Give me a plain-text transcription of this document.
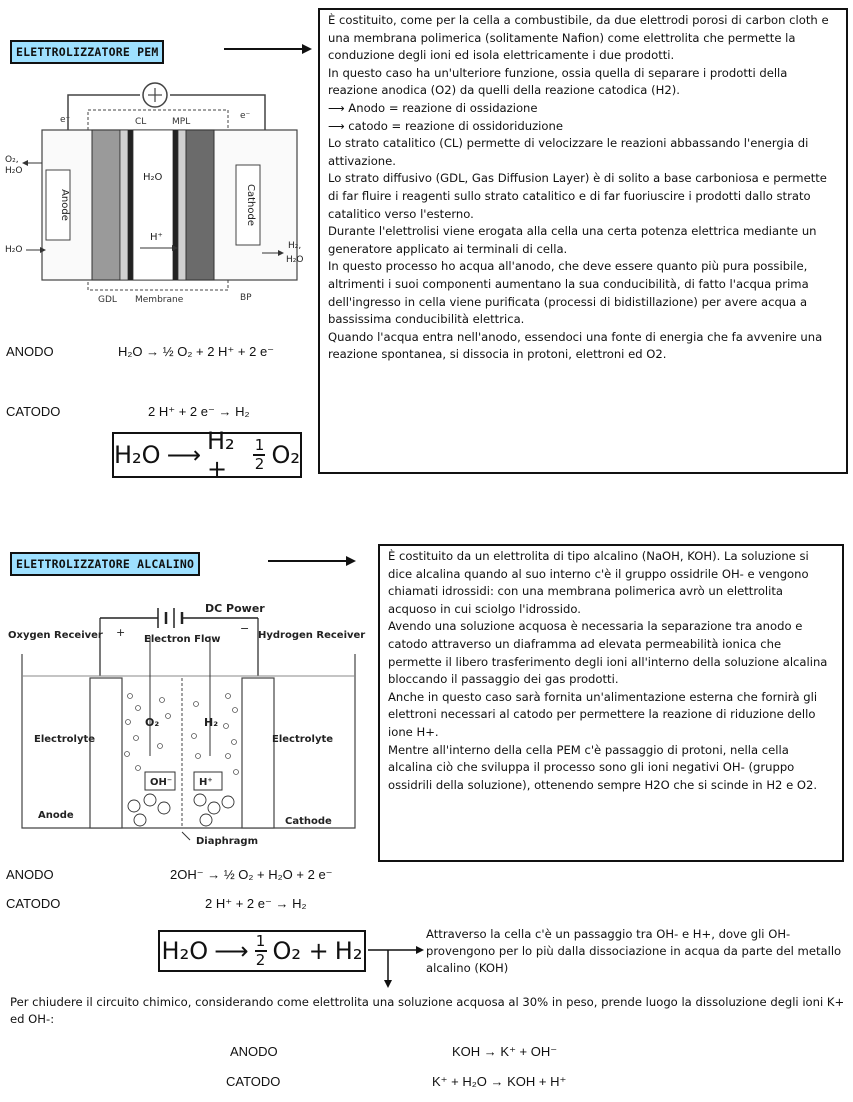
ELETTROLIZZATORE PEM
e⁻	e⁻
Anode	Cathode
CL	MPL
H₂O
H⁺
O₂,
H₂O
H₂O	H₂,
H₂O
GDL Membrane	BP

È costituito, come per la cella a combustibile, da due elettrodi porosi di carbon cloth e una membrana polimerica (solitamente Nafion) come elettrolita che permette la conduzione degli ioni ed isola elettricamente i due prodotti.

In questo caso ha un'ulteriore funzione, ossia quella di separare i prodotti della reazione anodica (O2) da quelli della reazione catodica (H2).

⟶ Anodo = reazione di ossidazione

⟶ catodo = reazione di ossidoriduzione

Lo strato catalitico (CL) permette di velocizzare le reazioni abbassando l'energia di attivazione.

Lo strato diffusivo (GDL, Gas Diffusion Layer) è di solito a base carboniosa e permette di far fluire i reagenti sullo strato catalitico e di far fuoriuscire i prodotti dallo strato catalitico verso l'esterno.

Durante l'elettrolisi viene erogata alla cella una certa potenza elettrica mediante un generatore applicato ai terminali di cella.

In questo processo ho acqua all'anodo, che deve essere quanto più pura possibile, altrimenti i suoi componenti aumentano la sua conducibilità, di fatto l'acqua prima dell'ingresso in cella viene purificata (processi di bidistillazione) per avere acqua a bassissima conducibilità elettrica.

Quando l'acqua entra nell'anodo, essendoci una fonte di energia che fa avvenire una reazione spontanea, si dissocia in protoni, elettroni ed O2.

ANODO	H₂O → ½ O₂ + 2 H⁺ + 2 e⁻
CATODO	2 H⁺ + 2 e⁻ → H₂
H₂O ⟶ H₂ +	$\frac{1}{2} O_2$
ELETTROLIZZATORE ALCALINO
DC Power
Oxygen Receiver +
Electron Flow
−
Hydrogen Receiver
O₂	H₂
Electrolyte	Electrolyte
OH⁻	H⁺
Anode
Cathode
Diaphragm

È costituito da un elettrolita di tipo alcalino (NaOH, KOH). La soluzione si dice alcalina quando al suo interno c'è il gruppo ossidrile OH- e vengono chiamati idrossidi: con una membrana polimerica avrò un elettrolita acquoso in cui sciolgo l'idrossido.

Avendo una soluzione acquosa è necessaria la separazione tra anodo e catodo attraverso un diaframma ad elevata permeabilità ionica che permette il libero trasferimento degli ioni all'interno della soluzione alcalina bloccando il passaggio dei gas prodotti.

Anche in questo caso sarà fornita un'alimentazione esterna che fornirà gli elettroni necessari al catodo per permettere la reazione di riduzione dello ione H+.

Mentre all'interno della cella PEM c'è passaggio di protoni, nella cella alcalina ciò che sviluppa il processo sono gli ioni negativi OH- (gruppo ossidrili della soluzione), ottenendo sempre H2O che si scinde in H2 e O2.

ANODO	2OH⁻ → ½ O₂ + H₂O + 2 e⁻
CATODO	2 H⁺ + 2 e⁻ → H₂
H₂O ⟶ $\frac{1}{2} O_2 + H_2$
Attraverso la cella c'è un passaggio tra OH- e H+, dove gli OH- provengono per lo più dalla dissociazione in acqua da parte del metallo alcalino (KOH)
Per chiudere il circuito chimico, considerando come elettrolita una soluzione acquosa al 30% in peso, prende luogo la dissoluzione degli ioni K+ ed OH-:
ANODO	KOH → K⁺ + OH⁻
CATODO	K⁺ + H₂O → KOH + H⁺
